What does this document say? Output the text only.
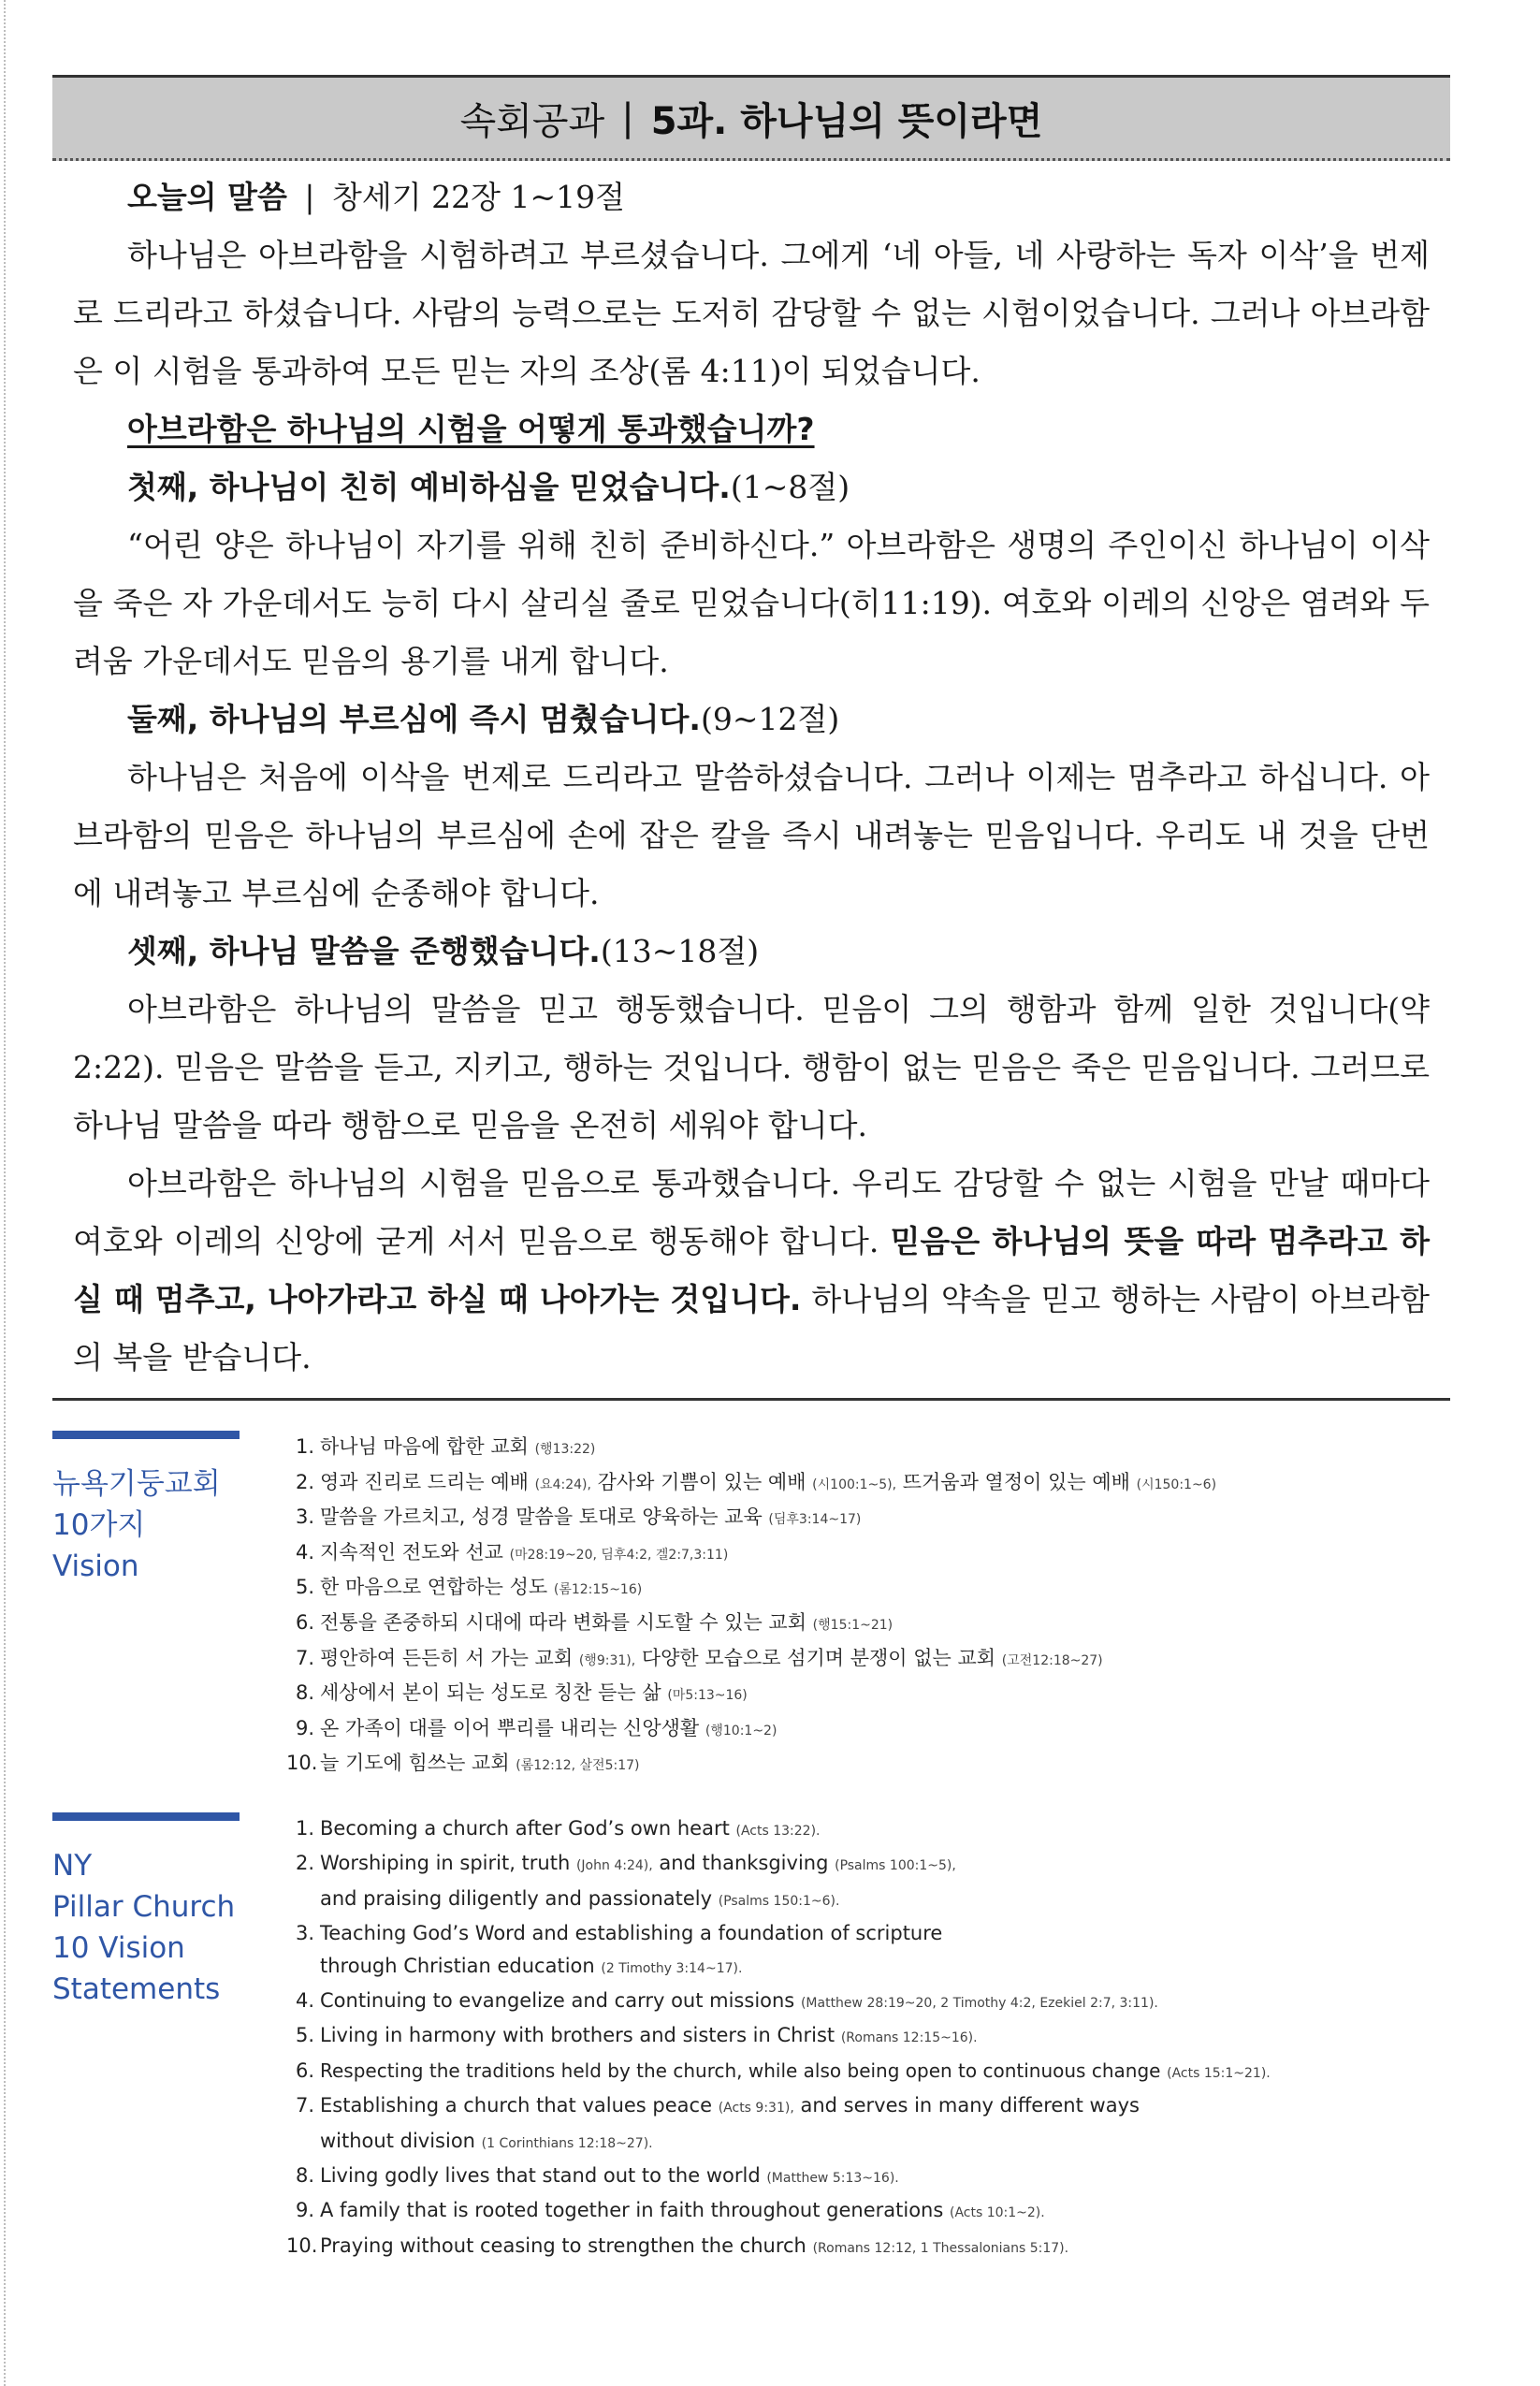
속회공과 | 5과. 하나님의 뜻이라면

오늘의 말씀 | 창세기 22장 1~19절

하나님은 아브라함을 시험하려고 부르셨습니다. 그에게 ‘네 아들, 네 사랑하는 독자 이삭’을 번제로 드리라고 하셨습니다. 사람의 능력으로는 도저히 감당할 수 없는 시험이었습니다. 그러나 아브라함은 이 시험을 통과하여 모든 믿는 자의 조상(롬 4:11)이 되었습니다.

아브라함은 하나님의 시험을 어떻게 통과했습니까?

첫째, 하나님이 친히 예비하심을 믿었습니다.(1~8절)

“어린 양은 하나님이 자기를 위해 친히 준비하신다.” 아브라함은 생명의 주인이신 하나님이 이삭을 죽은 자 가운데서도 능히 다시 살리실 줄로 믿었습니다(히11:19). 여호와 이레의 신앙은 염려와 두려움 가운데서도 믿음의 용기를 내게 합니다.

둘째, 하나님의 부르심에 즉시 멈췄습니다.(9~12절)

하나님은 처음에 이삭을 번제로 드리라고 말씀하셨습니다. 그러나 이제는 멈추라고 하십니다. 아브라함의 믿음은 하나님의 부르심에 손에 잡은 칼을 즉시 내려놓는 믿음입니다. 우리도 내 것을 단번에 내려놓고 부르심에 순종해야 합니다.

셋째, 하나님 말씀을 준행했습니다.(13~18절)

아브라함은 하나님의 말씀을 믿고 행동했습니다. 믿음이 그의 행함과 함께 일한 것입니다(약2:22). 믿음은 말씀을 듣고, 지키고, 행하는 것입니다. 행함이 없는 믿음은 죽은 믿음입니다. 그러므로 하나님 말씀을 따라 행함으로 믿음을 온전히 세워야 합니다.

아브라함은 하나님의 시험을 믿음으로 통과했습니다. 우리도 감당할 수 없는 시험을 만날 때마다 여호와 이레의 신앙에 굳게 서서 믿음으로 행동해야 합니다. 믿음은 하나님의 뜻을 따라 멈추라고 하실 때 멈추고, 나아가라고 하실 때 나아가는 것입니다. 하나님의 약속을 믿고 행하는 사람이 아브라함의 복을 받습니다.

뉴욕기둥교회
10가지
Vision
1. 하나님 마음에 합한 교회 (행13:22)
2. 영과 진리로 드리는 예배 (요4:24), 감사와 기쁨이 있는 예배 (시100:1~5), 뜨거움과 열정이 있는 예배 (시150:1~6)
3. 말씀을 가르치고, 성경 말씀을 토대로 양육하는 교육 (딤후3:14~17)
4. 지속적인 전도와 선교 (마28:19~20, 딤후4:2, 겔2:7,3:11)
5. 한 마음으로 연합하는 성도 (롬12:15~16)
6. 전통을 존중하되 시대에 따라 변화를 시도할 수 있는 교회 (행15:1~21)
7. 평안하여 든든히 서 가는 교회 (행9:31), 다양한 모습으로 섬기며 분쟁이 없는 교회 (고전12:18~27)
8. 세상에서 본이 되는 성도로 칭찬 듣는 삶 (마5:13~16)
9. 온 가족이 대를 이어 뿌리를 내리는 신앙생활 (행10:1~2)
10. 늘 기도에 힘쓰는 교회 (롬12:12, 살전5:17)
NY
Pillar Church
10 Vision
Statements
1. Becoming a church after God’s own heart (Acts 13:22).
2. Worshiping in spirit, truth (John 4:24), and thanksgiving (Psalms 100:1~5),
and praising diligently and passionately (Psalms 150:1~6).
3. Teaching God’s Word and establishing a foundation of scripture
through Christian education (2 Timothy 3:14~17).
4. Continuing to evangelize and carry out missions (Matthew 28:19~20, 2 Timothy 4:2, Ezekiel 2:7, 3:11).
5. Living in harmony with brothers and sisters in Christ (Romans 12:15~16).
6. Respecting the traditions held by the church, while also being open to continuous change (Acts 15:1~21).
7. Establishing a church that values peace (Acts 9:31), and serves in many different ways
without division (1 Corinthians 12:18~27).
8. Living godly lives that stand out to the world (Matthew 5:13~16).
9. A family that is rooted together in faith throughout generations (Acts 10:1~2).
10. Praying without ceasing to strengthen the church (Romans 12:12, 1 Thessalonians 5:17).
